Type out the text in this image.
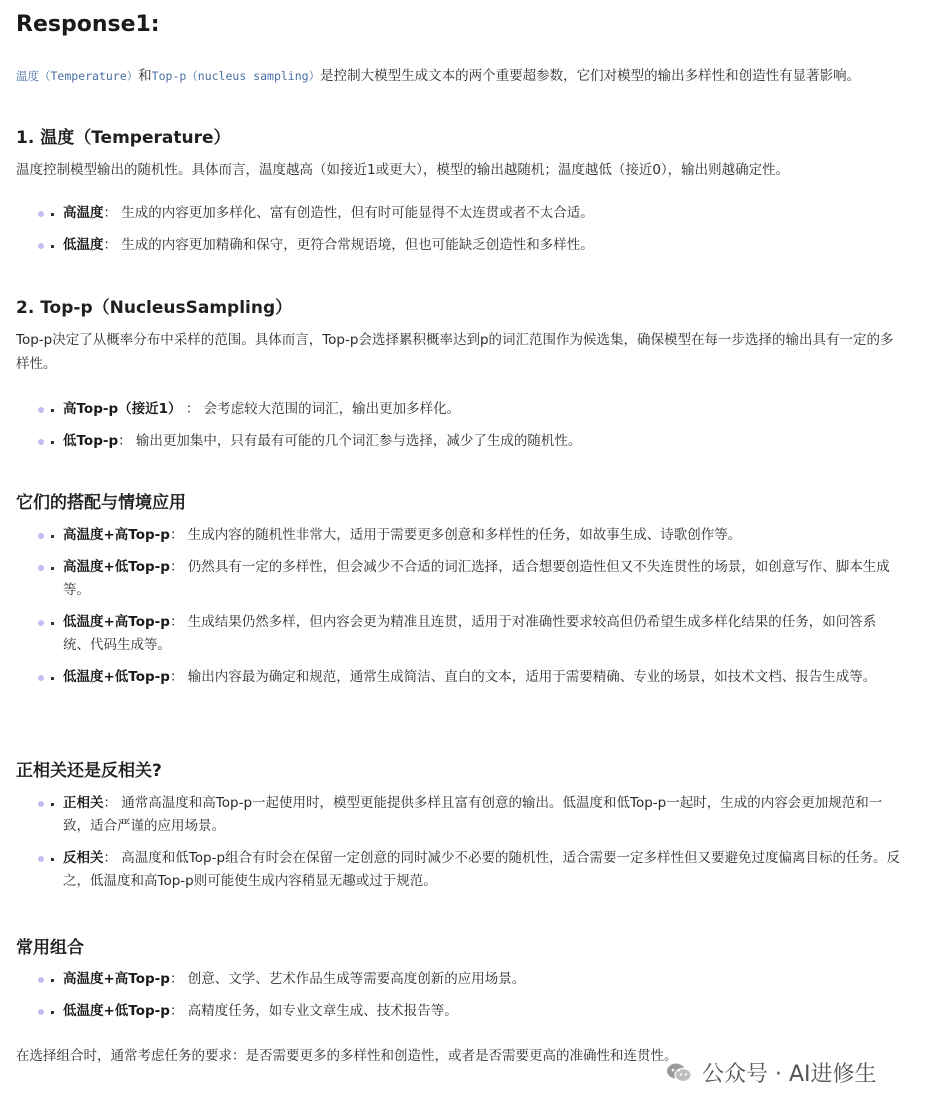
Response1:

温度（Temperature）和Top-p（nucleus sampling）是控制大模型生成文本的两个重要超参数，它们对模型的输出多样性和创造性有显著影响。

1. 温度（Temperature）

温度控制模型输出的随机性。具体而言，温度越高（如接近1或更大），模型的输出越随机；温度越低（接近0），输出则越确定性。

高温度： 生成的内容更加多样化、富有创造性，但有时可能显得不太连贯或者不太合适。
低温度： 生成的内容更加精确和保守，更符合常规语境，但也可能缺乏创造性和多样性。
2. Top-p（NucleusSampling）

Top-p决定了从概率分布中采样的范围。具体而言，Top-p会选择累积概率达到p的词汇范围作为候选集，确保模型在每一步选择的输出具有一定的多样性。

高Top-p（接近1） ： 会考虑较大范围的词汇，输出更加多样化。
低Top-p： 输出更加集中，只有最有可能的几个词汇参与选择，减少了生成的随机性。
它们的搭配与情境应用
高温度+高Top-p： 生成内容的随机性非常大，适用于需要更多创意和多样性的任务，如故事生成、诗歌创作等。
高温度+低Top-p： 仍然具有一定的多样性，但会减少不合适的词汇选择，适合想要创造性但又不失连贯性的场景，如创意写作、脚本生成等。
低温度+高Top-p： 生成结果仍然多样，但内容会更为精准且连贯，适用于对准确性要求较高但仍希望生成多样化结果的任务，如问答系统、代码生成等。
低温度+低Top-p： 输出内容最为确定和规范，通常生成简洁、直白的文本，适用于需要精确、专业的场景，如技术文档、报告生成等。
正相关还是反相关?
正相关： 通常高温度和高Top-p一起使用时，模型更能提供多样且富有创意的输出。低温度和低Top-p一起时，生成的内容会更加规范和一致，适合严谨的应用场景。
反相关： 高温度和低Top-p组合有时会在保留一定创意的同时减少不必要的随机性，适合需要一定多样性但又要避免过度偏离目标的任务。反之，低温度和高Top-p则可能使生成内容稍显无趣或过于规范。
常用组合
高温度+高Top-p： 创意、文学、艺术作品生成等需要高度创新的应用场景。
低温度+低Top-p： 高精度任务，如专业文章生成、技术报告等。

在选择组合时，通常考虑任务的要求：是否需要更多的多样性和创造性，或者是否需要更高的准确性和连贯性。

公众号 · AI进修生
